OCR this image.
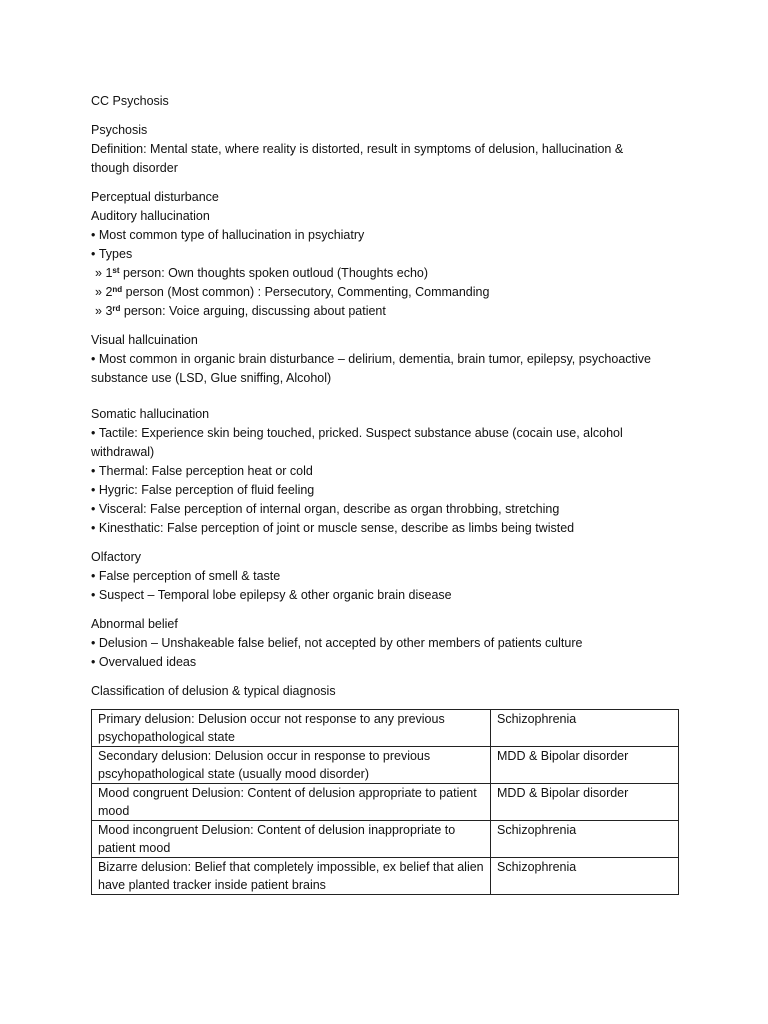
CC Psychosis
Psychosis
Definition: Mental state, where reality is distorted, result in symptoms of delusion, hallucination & though disorder
Perceptual disturbance
Auditory hallucination
• Most common type of hallucination in psychiatry
• Types
» 1st person: Own thoughts spoken outloud (Thoughts echo)
» 2nd person (Most common) : Persecutory, Commenting, Commanding
» 3rd person: Voice arguing, discussing about patient
Visual hallcuination
• Most common in organic brain disturbance – delirium, dementia, brain tumor, epilepsy, psychoactive substance use (LSD, Glue sniffing, Alcohol)
Somatic hallucination
• Tactile: Experience skin being touched, pricked. Suspect substance abuse (cocain use, alcohol withdrawal)
• Thermal: False perception heat or cold
• Hygric: False perception of fluid feeling
• Visceral: False perception of internal organ, describe as organ throbbing, stretching
• Kinesthatic: False perception of joint or muscle sense, describe as limbs being twisted
Olfactory
• False perception of smell & taste
• Suspect – Temporal lobe epilepsy & other organic brain disease
Abnormal belief
• Delusion – Unshakeable false belief, not accepted by other members of patients culture
• Overvalued ideas
Classification of delusion & typical diagnosis
Primary delusion: Delusion occur not response to any previous psychopathological state	Schizophrenia
Secondary delusion: Delusion occur in response to previous pscyhopathological state (usually mood disorder)	MDD & Bipolar disorder
Mood congruent Delusion: Content of delusion appropriate to patient mood	MDD & Bipolar disorder
Mood incongruent Delusion: Content of delusion inappropriate to patient mood	Schizophrenia
Bizarre delusion: Belief that completely impossible, ex belief that alien have planted tracker inside patient brains	Schizophrenia
